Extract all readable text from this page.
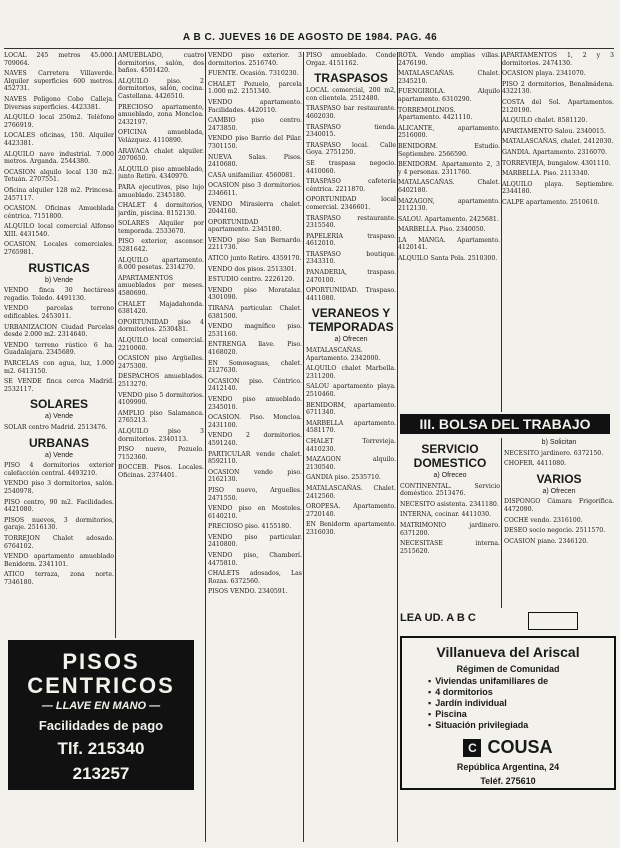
A B C. JUEVES 16 DE AGOSTO DE 1984. PAG. 46
LOCAL 245 metros 45.000. 709064.
NAVES Carretera Villaverde. Alquiler superficies 600 metros. 452731.
NAVES Polígono Cobo Calleja. Diversas superficies. 4423381.
ALQUILO local 250m2. Teléfono 2766919.
LOCALES oficinas, 150. Alquiler 4423381.
ALQUILO nave industrial. 7.000 metros. Arganda. 2544380.
OCASION alquilo local 130 m2. Tetuán. 2707551.
Oficina alquiler 128 m2. Princesa. 2457117.
OCASION. Oficinas Amueblada céntrica. 7151800.
ALQUILO local comercial Alfonso XIII. 4431540.
OCASION. Locales comerciales. 2765981.
RUSTICAS
b) Vende
VENDO finca 30 hectáreas regadío. Toledo. 4491130.
VENDO parcelas terreno edificables. 2453011.
URBANIZACION Ciudad Parcelas desde 2.000 m2. 2314640.
VENDO terreno rústico 6 ha. Guadalajara. 2345689.
PARCELAS con agua, luz, 1.000 m2. 6413150.
SE VENDE finca cerca Madrid. 2532117.
SOLARES
a) Vende
SOLAR centro Madrid. 2513476.
URBANAS
a) Vende
PISO 4 dormitorios exterior calefacción central. 4493210.
VENDO piso 3 dormitorios, salón. 2540978.
PISO centro, 90 m2. Facilidades. 4421080.
PISOS nuevos, 3 dormitorios, garaje. 2516130.
TORREJON Chalet adosado. 6764102.
VENDO apartamento amueblado Benidorm. 2341101.
ATICO terraza, zona norte. 7346180.
PISOS
CENTRICOS
— LLAVE EN MANO —
Facilidades de pago
Tlf. 215340
213257
AMUEBLADO, cuatro dormitorios, salón, dos baños. 4501420.
ALQUILO piso. 2 dormitorios, salón, cocina. Castellana. 4426510.
PRECIOSO apartamento, amueblado, zona Moncloa. 2432197.
OFICINA amueblada, Velázquez. 4110890.
ARAVACA chalet alquiler. 2070650.
ALQUILO piso amueblado, junto Retiro. 4340970.
PARA ejecutivos, piso lujo amueblado. 2345180.
CHALET 4 dormitorios, jardín, piscina. 8152130.
SOLARES Alquiler por temporada. 2533670.
PISO exterior, ascensor. 5281642.
ALQUILO apartamento. 8.000 pesetas. 2314270.
APARTAMENTOS amueblados por meses. 4580690.
CHALET Majadahonda. 6381420.
OPORTUNIDAD piso 4 dormitorios. 2530481.
ALQUILO local comercial. 2210060.
OCASION piso Argüelles. 2475300.
DESPACHOS amueblados. 2513270.
VENDO piso 5 dormitorios. 4109990.
AMPLIO piso Salamanca. 2765213.
ALQUILO piso 3 dormitorios. 2340113.
PISO nuevo, Pozuelo. 7152360.
BOCCEB. Pisos. Locales. Oficinas. 2374401.
VENDO piso exterior. 3 dormitorios. 2516740.
FUENTE. Ocasión. 7310230.
CHALET Pozuelo, parcela 1.000 m2. 2151340.
VENDO apartamento. Facilidades. 4420110.
CAMBIO piso centro. 2473850.
VENDO piso Barrio del Pilar. 7301150.
NUEVA Salas. Pisos. 2410680.
CASA unifamiliar. 4560081.
OCASION piso 3 dormitorios. 2346611.
VENDO Mirasierra chalet. 2044160.
OPORTUNIDAD apartamento. 2345180.
VENDO piso San Bernardo. 2211730.
ATICO junto Retiro. 4359170.
VENDO dos pisos. 2513301.
ESTUDIO centro. 2226120.
VENDO piso Moratalaz. 4301090.
TIRANA particular. Chalet. 6381500.
VENDO magnífico piso. 2531160.
ENTRENGA llave. Piso. 4168020.
EN Somosaguas, chalet. 2127630.
OCASION piso. Céntrico. 2412140.
VENDO piso amueblado. 2345010.
OCASION. Piso. Moncloa. 2431100.
VENDO 2 dormitorios. 4591240.
PARTICULAR vende chalet. 8592110.
OCASION vendo piso. 2162130.
PISO nuevo, Arguelles. 2471550.
VENDO piso en Mostoles. 6140210.
PRECIOSO piso. 4155180.
VENDO piso particular. 2410800.
VENDO piso, Chamberí. 4475810.
CHALETS adosados, Las Rozas. 6372560.
PISOS VENDO. 2340591.
PISO amueblado. Conde Orgaz. 4151162.
TRASPASOS
LOCAL comercial, 200 m2, con clientela. 2512480.
TRASPASO bar restaurante. 4602030.
TRASPASO tienda. 2340015.
TRASPASO local. Calle Goya. 2751250.
SE traspasa negocio. 4410060.
TRASPASO cafetería céntrica. 2211870.
OPORTUNIDAD local comercial. 2346601.
TRASPASO restaurante. 2315540.
PAPELERIA traspaso. 4612010.
TRASPASO boutique. 2343310.
PANADERIA, traspaso. 2470100.
OPORTUNIDAD. Traspaso. 4411080.
VERANEOS Y TEMPORADAS
a) Ofrecen
MATALASCAÑAS. Apartamento. 2342000.
ALQUILO chalet Marbella. 2311200.
SALOU apartamento playa. 2510460.
BENIDORM, apartamento. 6711340.
MARBELLA apartamento. 4581170.
CHALET Torrevieja. 4410230.
MAZAGON alquilo. 2130540.
GANDIA piso. 2535710.
MATALASCAÑAS. Chalet. 2412560.
OROPESA. Apartamento. 2720140.
EN Benidorm apartamento. 2316030.
ROTA. Vendo amplias villas. 2476190.
MATALASCAÑAS. Chalet. 2345210.
FUENGIROLA. Alquilo apartamento. 6310290.
TORREMOLINOS. Apartamento. 4421110.
ALICANTE, apartamento. 2516000.
BENIDORM. Estudio. Septiembre. 2566590.
BENIDORM. Apartamento 2, 3 y 4 personas. 2311760.
MATALASCAÑAS. Chalet. 6402180.
MAZAGON, apartamento. 2112130.
SALOU. Apartamento. 2425681.
MARBELLA. Piso. 2340050.
LA MANGA. Apartamento. 4120141.
ALQUILO Santa Pola. 2510300.
APARTAMENTOS 1, 2 y 3 dormitorios. 2474130.
OCASION playa. 2341070.
PISO 2 dormitorios, Benalmádena. 4322130.
COSTA del Sol. Apartamentos. 2120190.
ALQUILO chalet. 8581120.
APARTAMENTO Salou. 2340015.
MATALASCAÑAS, chalet. 2412030.
GANDIA. Apartamento. 2316070.
TORREVIEJA, bungalow. 4301110.
MARBELLA. Piso. 2113340.
ALQUILO playa. Septiembre. 2344180.
CALPE apartamento. 2510610.
III. BOLSA DEL TRABAJO
SERVICIO DOMESTICO
a) Ofreceo
CONTINENTAL. Servicio doméstico. 2513476.
NECESITO asistenta. 2341180.
INTERNA, cocinar. 4411030.
MATRIMONIO jardinero. 6371200.
NECESITASE interna. 2515620.
b) Solicitan
NECESITO jardinero. 6372150.
CHOFER. 4411080.
VARIOS
a) Ofrecen
DISPONGO Cámara Frigorífica. 4472090.
COCHE vendo. 2316100.
DESEO socio negocio. 2511570.
OCASION piano. 2346120.
LEA UD. A B C
Villanueva del Ariscal
Régimen de Comunidad
▪ Viviendas unifamiliares de
▪ 4 dormitorios
▪ Jardín individual
▪ Piscina
▪ Situación privilegiada
C COUSA
República Argentina, 24
Teléf. 275610
